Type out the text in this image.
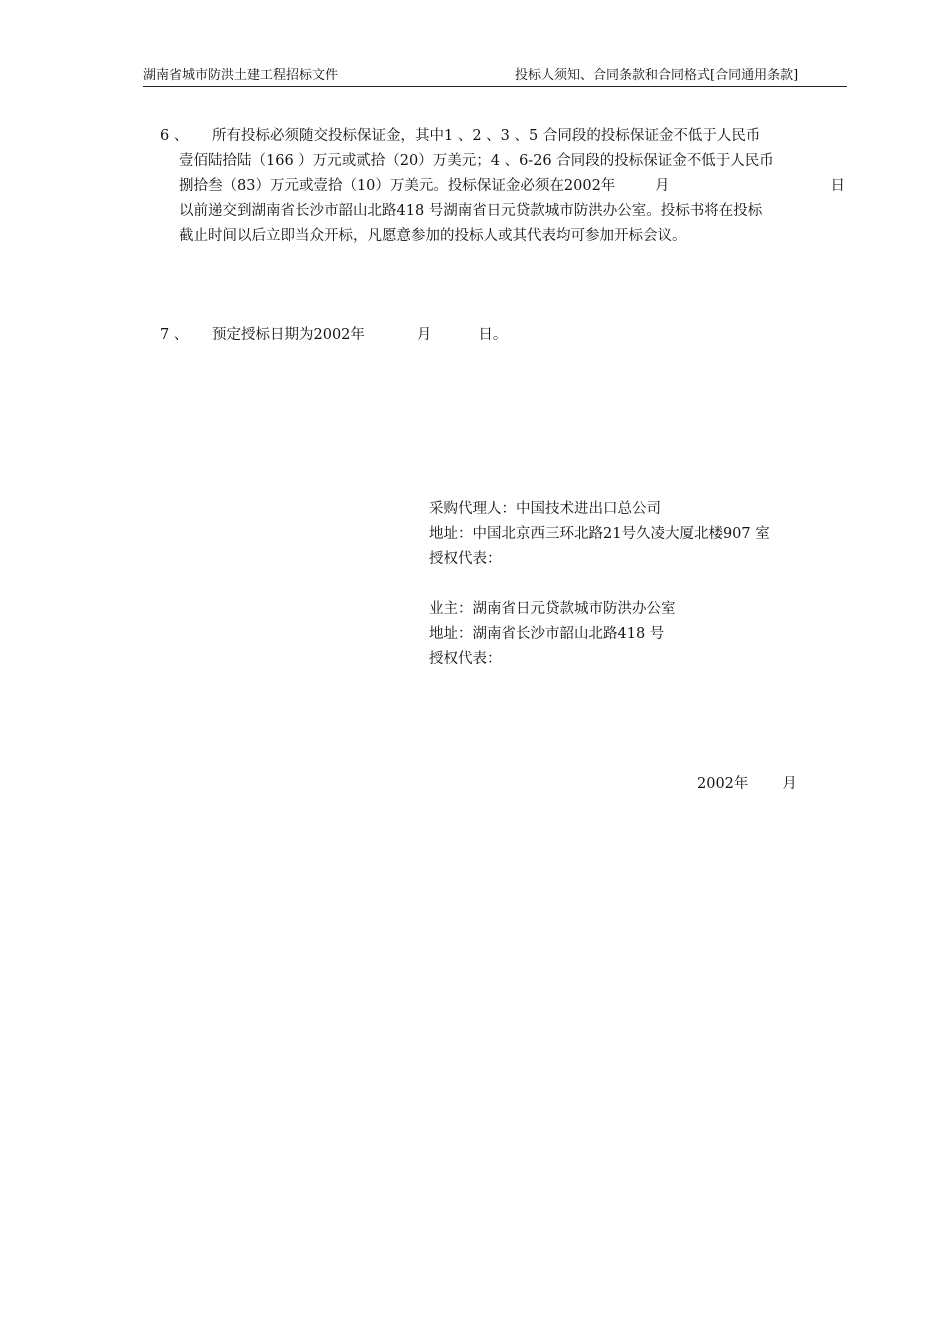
湖南省城市防洪土建工程招标文件	投标人须知、合同条款和合同格式[合同通用条款]
6 、	所有投标必须随交投标保证金，其中1 、2 、3 、5 合同段的投标保证金不低于人民币
壹佰陆拾陆（166 ）万元或贰拾（20）万美元；4 、6-26 合同段的投标保证金不低于人民币
捌拾叁（83）万元或壹拾（10）万美元。投标保证金必须在2002年	月	日
以前递交到湖南省长沙市韶山北路418 号湖南省日元贷款城市防洪办公室。投标书将在投标
截止时间以后立即当众开标，凡愿意参加的投标人或其代表均可参加开标会议。
7 、 预定授标日期为2002年	月	日。
采购代理人：中国技术进出口总公司
地址：中国北京西三环北路21号久凌大厦北楼907 室
授权代表：
业主：湖南省日元贷款城市防洪办公室
地址：湖南省长沙市韶山北路418 号
授权代表：
2002年 月
